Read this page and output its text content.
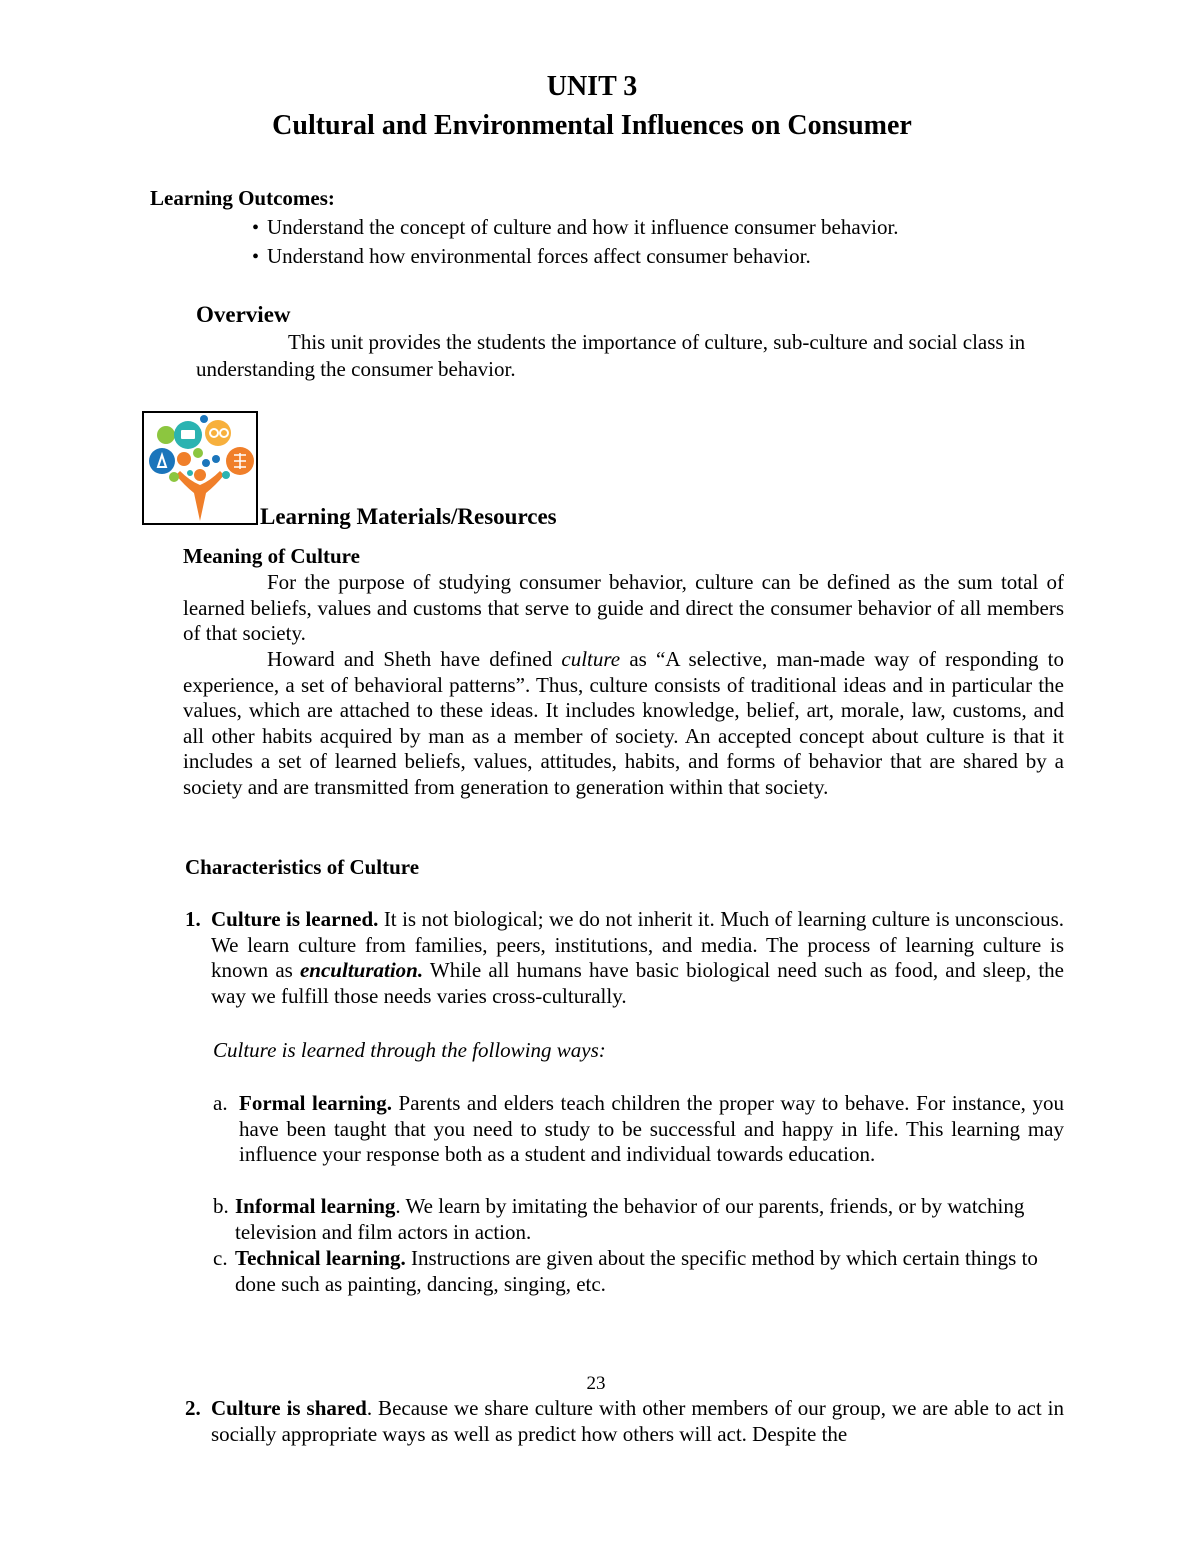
UNIT 3
Cultural and Environmental Influences on Consumer
Learning Outcomes:
• Understand the concept of culture and how it influence consumer behavior.
• Understand how environmental forces affect consumer behavior.
Overview

This unit provides the students the importance of culture, sub-culture and social class in understanding the consumer behavior.

Learning Materials/Resources
Meaning of Culture

For the purpose of studying consumer behavior, culture can be defined as the sum total of learned beliefs, values and customs that serve to guide and direct the consumer behavior of all members of that society.

Howard and Sheth have defined culture as “A selective, man-made way of responding to experience, a set of behavioral patterns”. Thus, culture consists of traditional ideas and in particular the values, which are attached to these ideas. It includes knowledge, belief, art, morale, law, customs, and all other habits acquired by man as a member of society. An accepted concept about culture is that it includes a set of learned beliefs, values, attitudes, habits, and forms of behavior that are shared by a society and are transmitted from generation to generation within that society.

Characteristics of Culture
1. Culture is learned. It is not biological; we do not inherit it. Much of learning culture is unconscious. We learn culture from families, peers, institutions, and media. The process of learning culture is known as enculturation. While all humans have basic biological need such as food, and sleep, the way we fulfill those needs varies cross-culturally.

Culture is learned through the following ways:
a. Formal learning. Parents and elders teach children the proper way to behave. For instance, you have been taught that you need to study to be successful and happy in life. This learning may influence your response both as a student and individual towards education.

b. Informal learning. We learn by imitating the behavior of our parents, friends, or by watching television and film actors in action.

c. Technical learning. Instructions are given about the specific method by which certain things to done such as painting, dancing, singing, etc.

23
2. Culture is shared. Because we share culture with other members of our group, we are able to act in socially appropriate ways as well as predict how others will act. Despite the
